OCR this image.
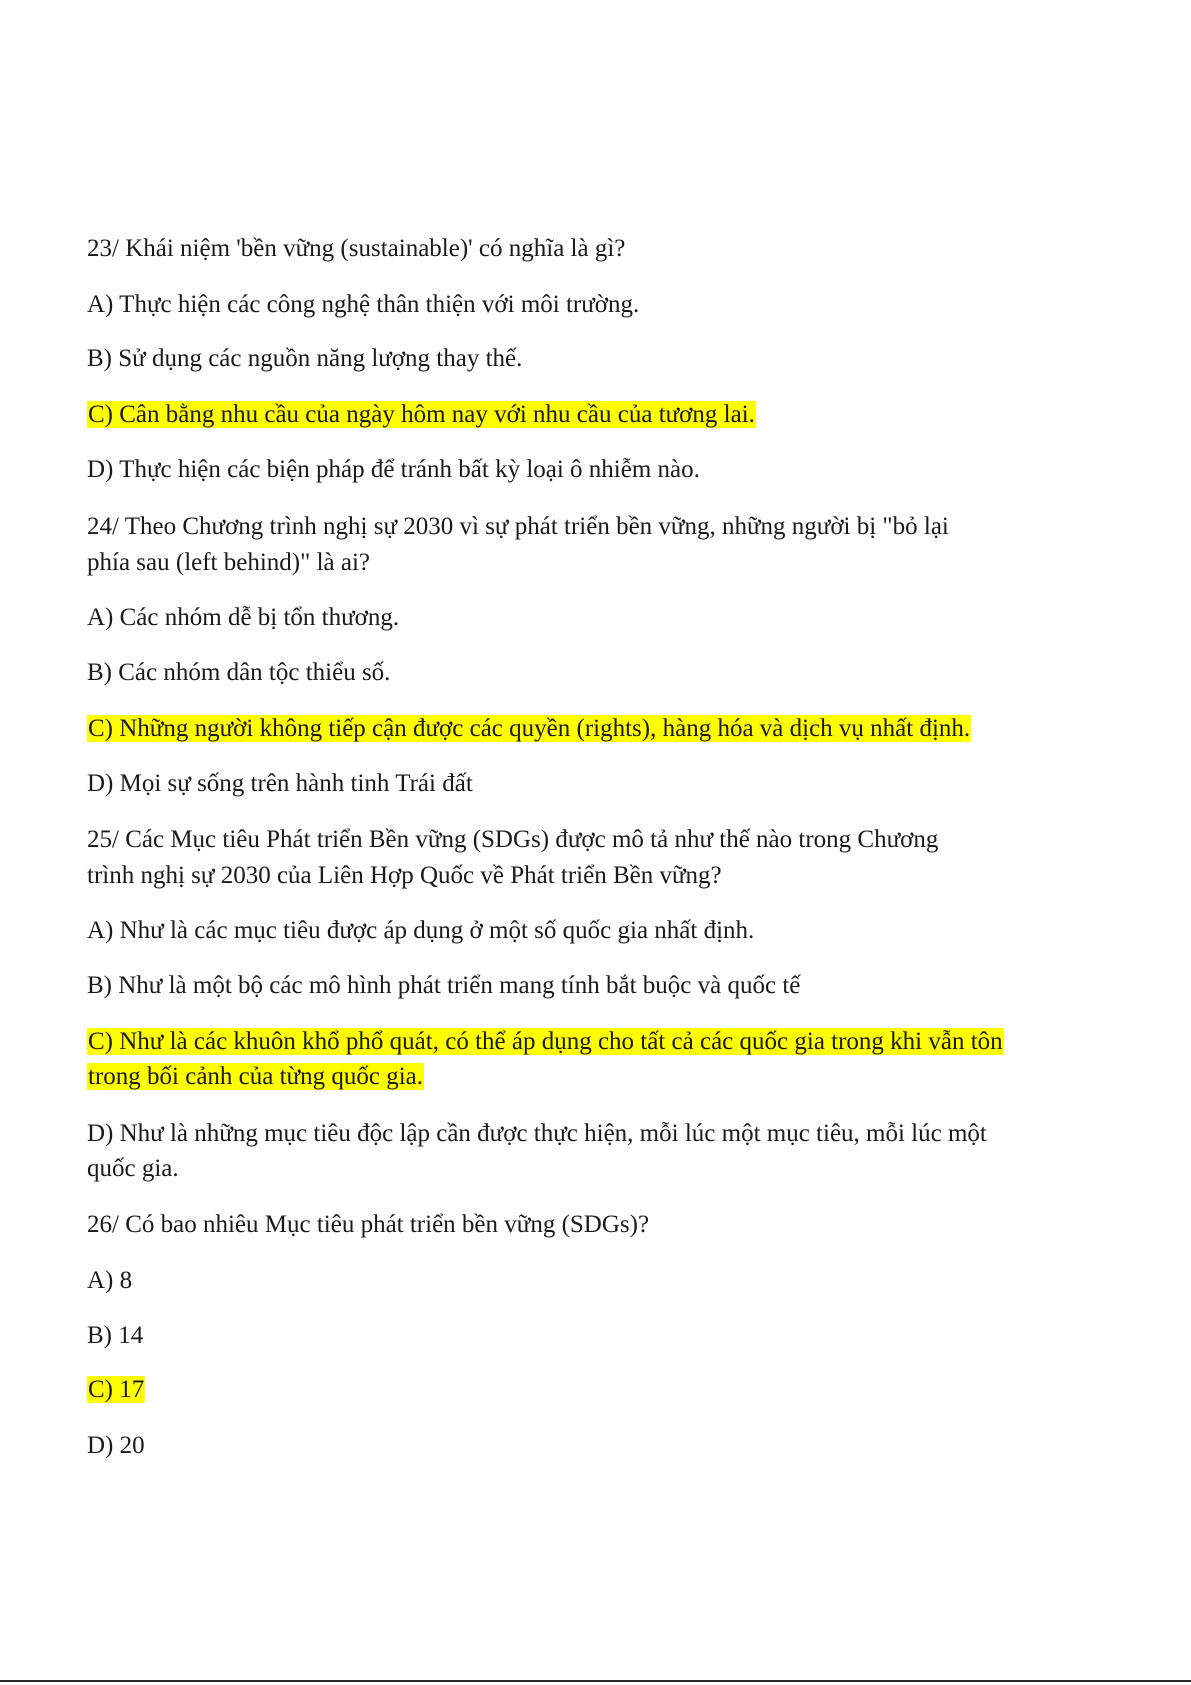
23/ Khái niệm 'bền vững (sustainable)' có nghĩa là gì?
A) Thực hiện các công nghệ thân thiện với môi trường.
B) Sử dụng các nguồn năng lượng thay thế.
C) Cân bằng nhu cầu của ngày hôm nay với nhu cầu của tương lai.
D) Thực hiện các biện pháp để tránh bất kỳ loại ô nhiễm nào.
24/ Theo Chương trình nghị sự 2030 vì sự phát triển bền vững, những người bị "bỏ lại
phía sau (left behind)" là ai?
A) Các nhóm dễ bị tổn thương.
B) Các nhóm dân tộc thiểu số.
C) Những người không tiếp cận được các quyền (rights), hàng hóa và dịch vụ nhất định.
D) Mọi sự sống trên hành tinh Trái đất
25/ Các Mục tiêu Phát triển Bền vững (SDGs) được mô tả như thế nào trong Chương
trình nghị sự 2030 của Liên Hợp Quốc về Phát triển Bền vững?
A) Như là các mục tiêu được áp dụng ở một số quốc gia nhất định.
B) Như là một bộ các mô hình phát triển mang tính bắt buộc và quốc tế
C) Như là các khuôn khổ phổ quát, có thể áp dụng cho tất cả các quốc gia trong khi vẫn tôn
trong bối cảnh của từng quốc gia.
D) Như là những mục tiêu độc lập cần được thực hiện, mỗi lúc một mục tiêu, mỗi lúc một
quốc gia.
26/ Có bao nhiêu Mục tiêu phát triển bền vững (SDGs)?
A) 8
B) 14
C) 17
D) 20
